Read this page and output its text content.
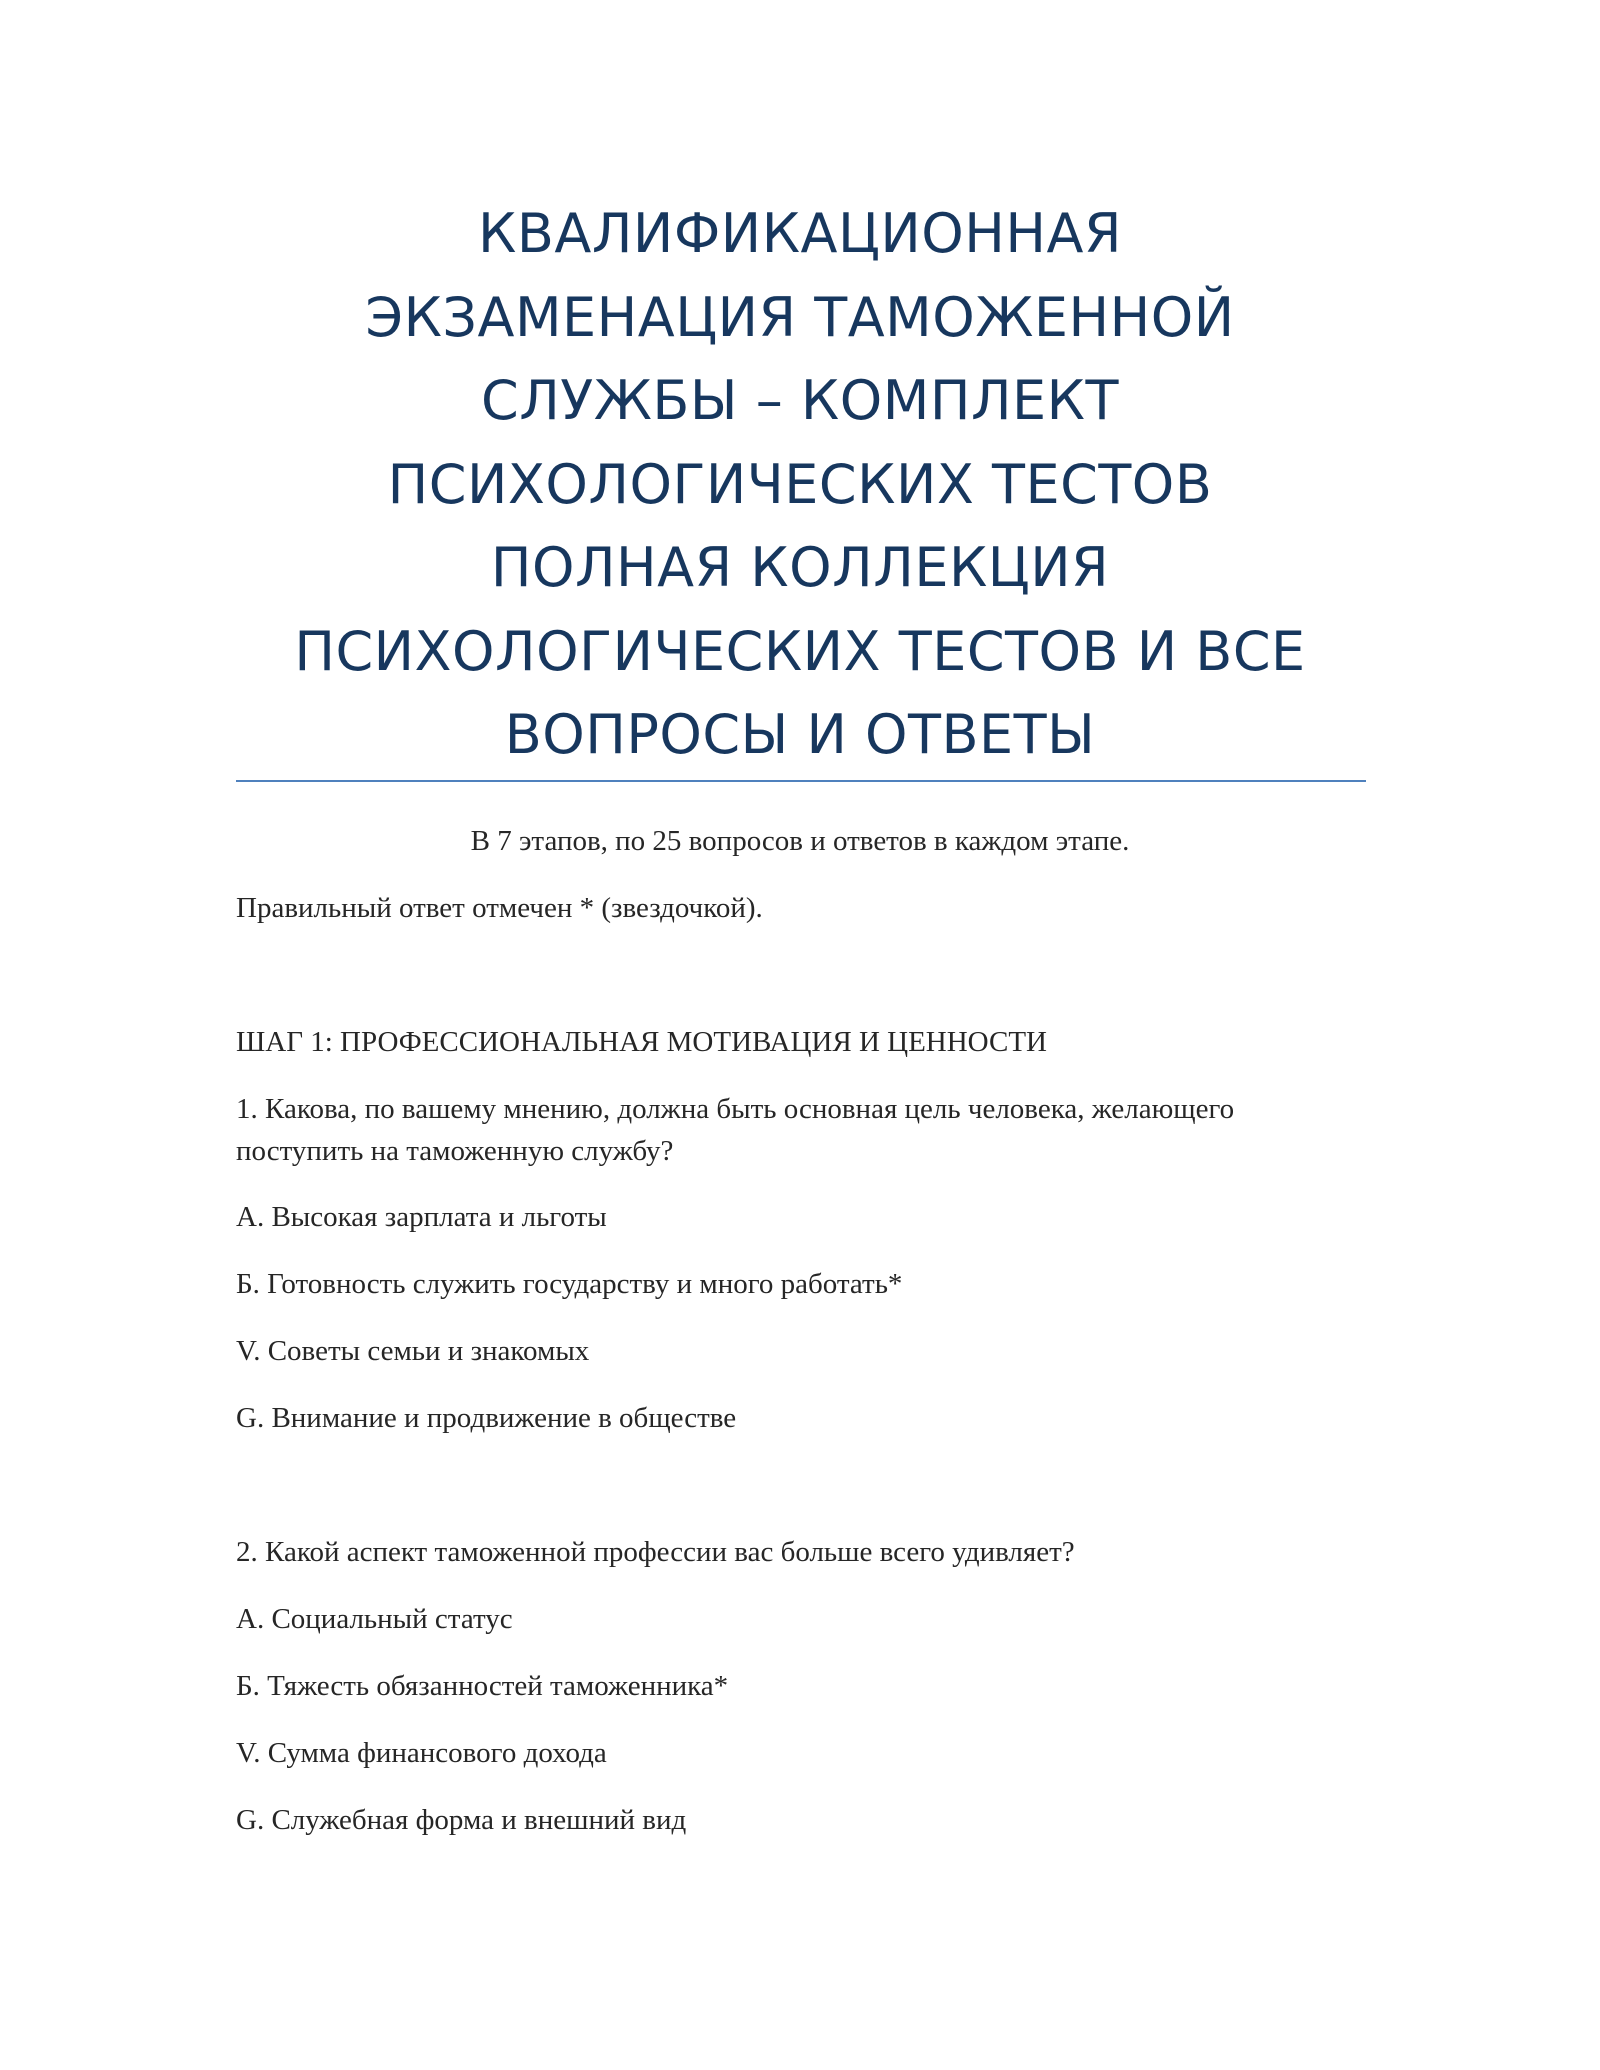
КВАЛИФИКАЦИОННАЯ
ЭКЗАМЕНАЦИЯ ТАМОЖЕННОЙ
СЛУЖБЫ – КОМПЛЕКТ
ПСИХОЛОГИЧЕСКИХ ТЕСТОВ
ПОЛНАЯ КОЛЛЕКЦИЯ
ПСИХОЛОГИЧЕСКИХ ТЕСТОВ И ВСЕ
ВОПРОСЫ И ОТВЕТЫ

В 7 этапов, по 25 вопросов и ответов в каждом этапе.

Правильный ответ отмечен * (звездочкой).

ШАГ 1: ПРОФЕССИОНАЛЬНАЯ МОТИВАЦИЯ И ЦЕННОСТИ

1. Какова, по вашему мнению, должна быть основная цель человека, желающего
поступить на таможенную службу?

А. Высокая зарплата и льготы

Б. Готовность служить государству и много работать*

V. Советы семьи и знакомых

G. Внимание и продвижение в обществе

2. Какой аспект таможенной профессии вас больше всего удивляет?

А. Социальный статус

Б. Тяжесть обязанностей таможенника*

V. Сумма финансового дохода

G. Служебная форма и внешний вид
